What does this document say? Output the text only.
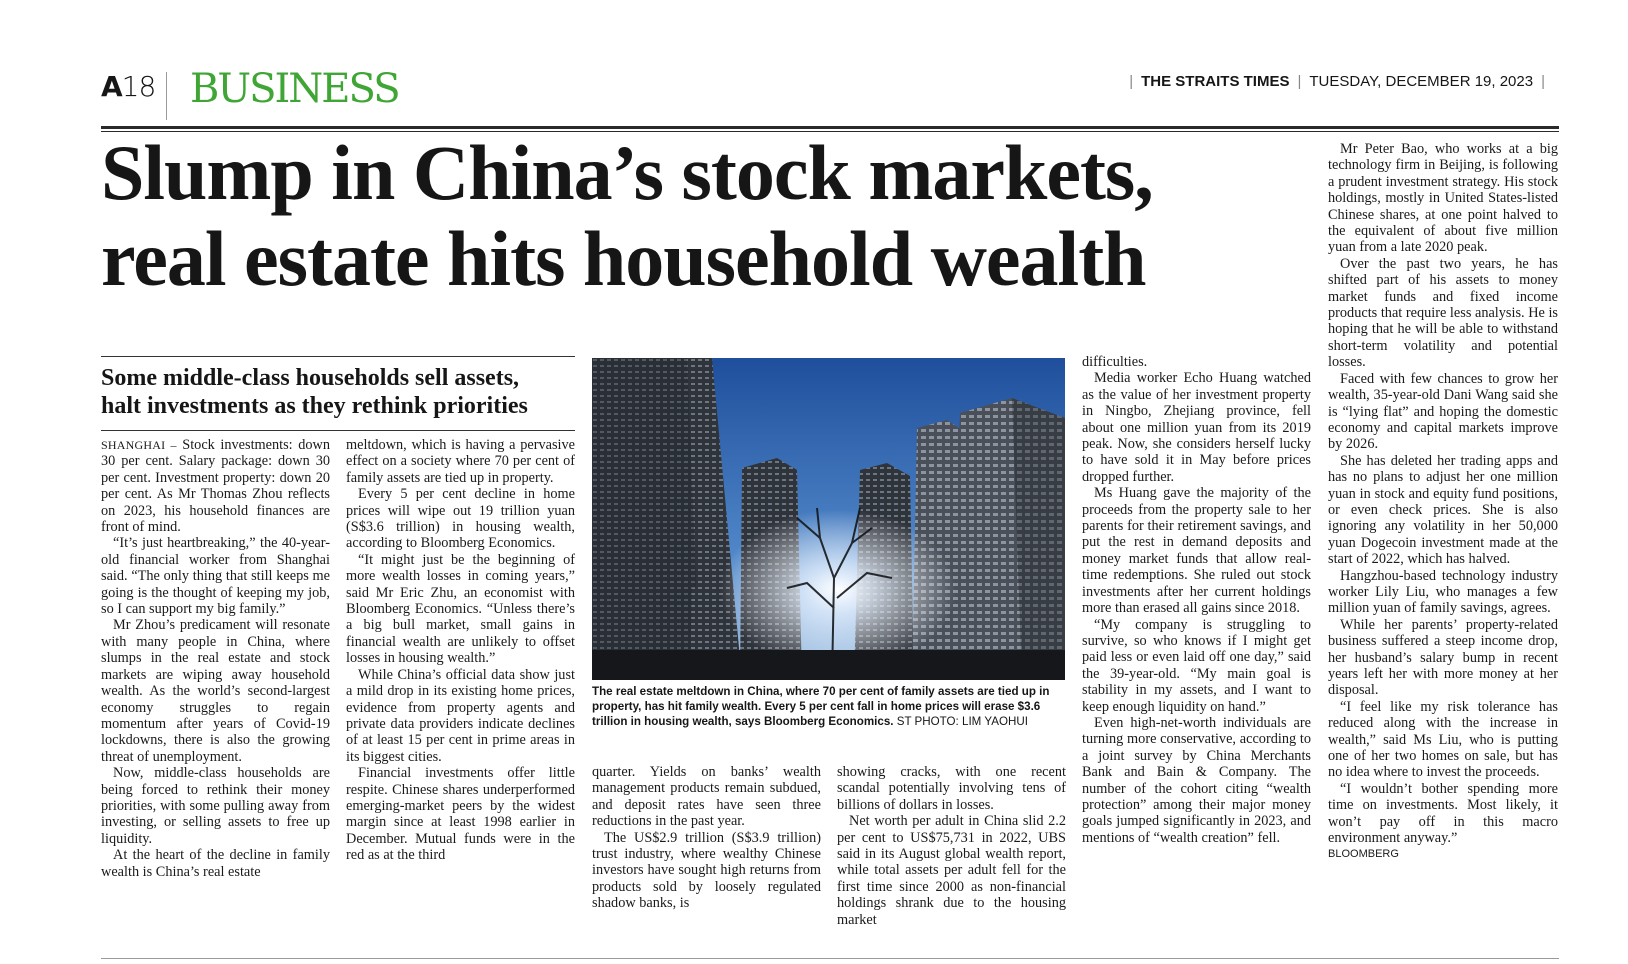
A18 BUSINESS	| THE STRAITS TIMES | TUESDAY, DECEMBER 19, 2023 |
Slump in China’s stock markets,
real estate hits household wealth
Some middle-class households sell assets,
halt investments as they rethink priorities

SHANGHAI – Stock investments: down 30 per cent. Salary package: down 30 per cent. Investment property: down 20 per cent. As Mr Thomas Zhou reflects on 2023, his household finances are front of mind.

“It’s just heartbreaking,” the 40-year-old financial worker from Shanghai said. “The only thing that still keeps me going is the thought of keeping my job, so I can support my big family.”

Mr Zhou’s predicament will resonate with many people in China, where slumps in the real estate and stock markets are wiping away household wealth. As the world’s second-largest economy struggles to regain momentum after years of Covid-19 lockdowns, there is also the growing threat of unemployment.

Now, middle-class households are being forced to rethink their money priorities, with some pulling away from investing, or selling assets to free up liquidity.

At the heart of the decline in family wealth is China’s real estate

meltdown, which is having a pervasive effect on a society where 70 per cent of family assets are tied up in property.

Every 5 per cent decline in home prices will wipe out 19 trillion yuan (S$3.6 trillion) in housing wealth, according to Bloomberg Economics.

“It might just be the beginning of more wealth losses in coming years,” said Mr Eric Zhu, an economist with Bloomberg Economics. “Unless there’s a big bull market, small gains in financial wealth are unlikely to offset losses in housing wealth.”

While China’s official data show just a mild drop in its existing home prices, evidence from property agents and private data providers indicate declines of at least 15 per cent in prime areas in its biggest cities.

Financial investments offer little respite. Chinese shares underperformed emerging-market peers by the widest margin since at least 1998 earlier in December. Mutual funds were in the red as at the third

The real estate meltdown in China, where 70 per cent of family assets are tied up in property, has hit family wealth. Every 5 per cent fall in home prices will erase $3.6 trillion in housing wealth, says Bloomberg Economics. ST PHOTO: LIM YAOHUI

quarter. Yields on banks’ wealth management products remain subdued, and deposit rates have seen three reductions in the past year.

The US$2.9 trillion (S$3.9 trillion) trust industry, where wealthy Chinese investors have sought high returns from products sold by loosely regulated shadow banks, is

showing cracks, with one recent scandal potentially involving tens of billions of dollars in losses.

Net worth per adult in China slid 2.2 per cent to US$75,731 in 2022, UBS said in its August global wealth report, while total assets per adult fell for the first time since 2000 as non-financial holdings shrank due to the housing market

difficulties.

Media worker Echo Huang watched as the value of her investment property in Ningbo, Zhejiang province, fell about one million yuan from its 2019 peak. Now, she considers herself lucky to have sold it in May before prices dropped further.

Ms Huang gave the majority of the proceeds from the property sale to her parents for their retirement savings, and put the rest in demand deposits and money market funds that allow real-time redemptions. She ruled out stock investments after her current holdings more than erased all gains since 2018.

“My company is struggling to survive, so who knows if I might get paid less or even laid off one day,” said the 39-year-old. “My main goal is stability in my assets, and I want to keep enough liquidity on hand.”

Even high-net-worth individuals are turning more conservative, according to a joint survey by China Merchants Bank and Bain & Company. The number of the cohort citing “wealth protection” among their major money goals jumped significantly in 2023, and mentions of “wealth creation” fell.

Mr Peter Bao, who works at a big technology firm in Beijing, is following a prudent investment strategy. His stock holdings, mostly in United States-listed Chinese shares, at one point halved to the equivalent of about five million yuan from a late 2020 peak.

Over the past two years, he has shifted part of his assets to money market funds and fixed income products that require less analysis. He is hoping that he will be able to withstand short-term volatility and potential losses.

Faced with few chances to grow her wealth, 35-year-old Dani Wang said she is “lying flat” and hoping the domestic economy and capital markets improve by 2026.

She has deleted her trading apps and has no plans to adjust her one million yuan in stock and equity fund positions, or even check prices. She is also ignoring any volatility in her 50,000 yuan Dogecoin investment made at the start of 2022, which has halved.

Hangzhou-based technology industry worker Lily Liu, who manages a few million yuan of family savings, agrees.

While her parents’ property-related business suffered a steep income drop, her husband’s salary bump in recent years left her with more money at her disposal.

“I feel like my risk tolerance has reduced along with the increase in wealth,” said Ms Liu, who is putting one of her two homes on sale, but has no idea where to invest the proceeds.

“I wouldn’t bother spending more time on investments. Most likely, it won’t pay off in this macro environment anyway.”

BLOOMBERG
